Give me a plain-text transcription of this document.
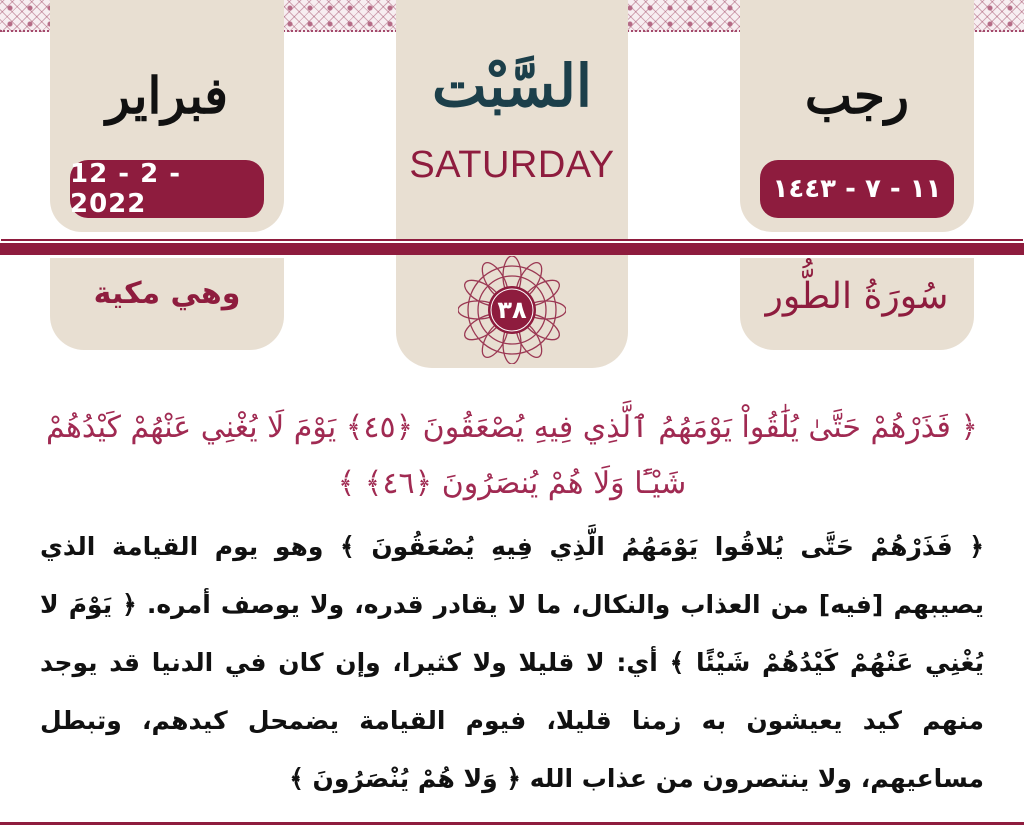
فبراير
12 - 2 - 2022
رجب
١١ - ٧ - ١٤٤٣
السَّبْت
SATURDAY
٣٨
وهي مكية	سُورَةُ الطُّور
﴿ فَذَرْهُمْ حَتَّىٰ يُلَٰقُواْ يَوْمَهُمُ ٱلَّذِي فِيهِ يُصْعَقُونَ ﴿٤٥﴾ يَوْمَ لَا يُغْنِي عَنْهُمْ كَيْدُهُمْ
شَيْـًٔا وَلَا هُمْ يُنصَرُونَ ﴿٤٦﴾ ﴾
﴿ فَذَرْهُمْ حَتَّى يُلاقُوا يَوْمَهُمُ الَّذِي فِيهِ يُصْعَقُونَ ﴾ وهو يوم القيامة الذي
يصيبهم [فيه] من العذاب والنكال، ما لا يقادر قدره، ولا يوصف أمره. ﴿ يَوْمَ لا
يُغْنِي عَنْهُمْ كَيْدُهُمْ شَيْئًا ﴾ أي: لا قليلا ولا كثيرا، وإن كان في الدنيا قد يوجد
منهم كيد يعيشون به زمنا قليلا، فيوم القيامة يضمحل كيدهم، وتبطل
مساعيهم، ولا ينتصرون من عذاب الله ﴿ وَلا هُمْ يُنْصَرُونَ ﴾
